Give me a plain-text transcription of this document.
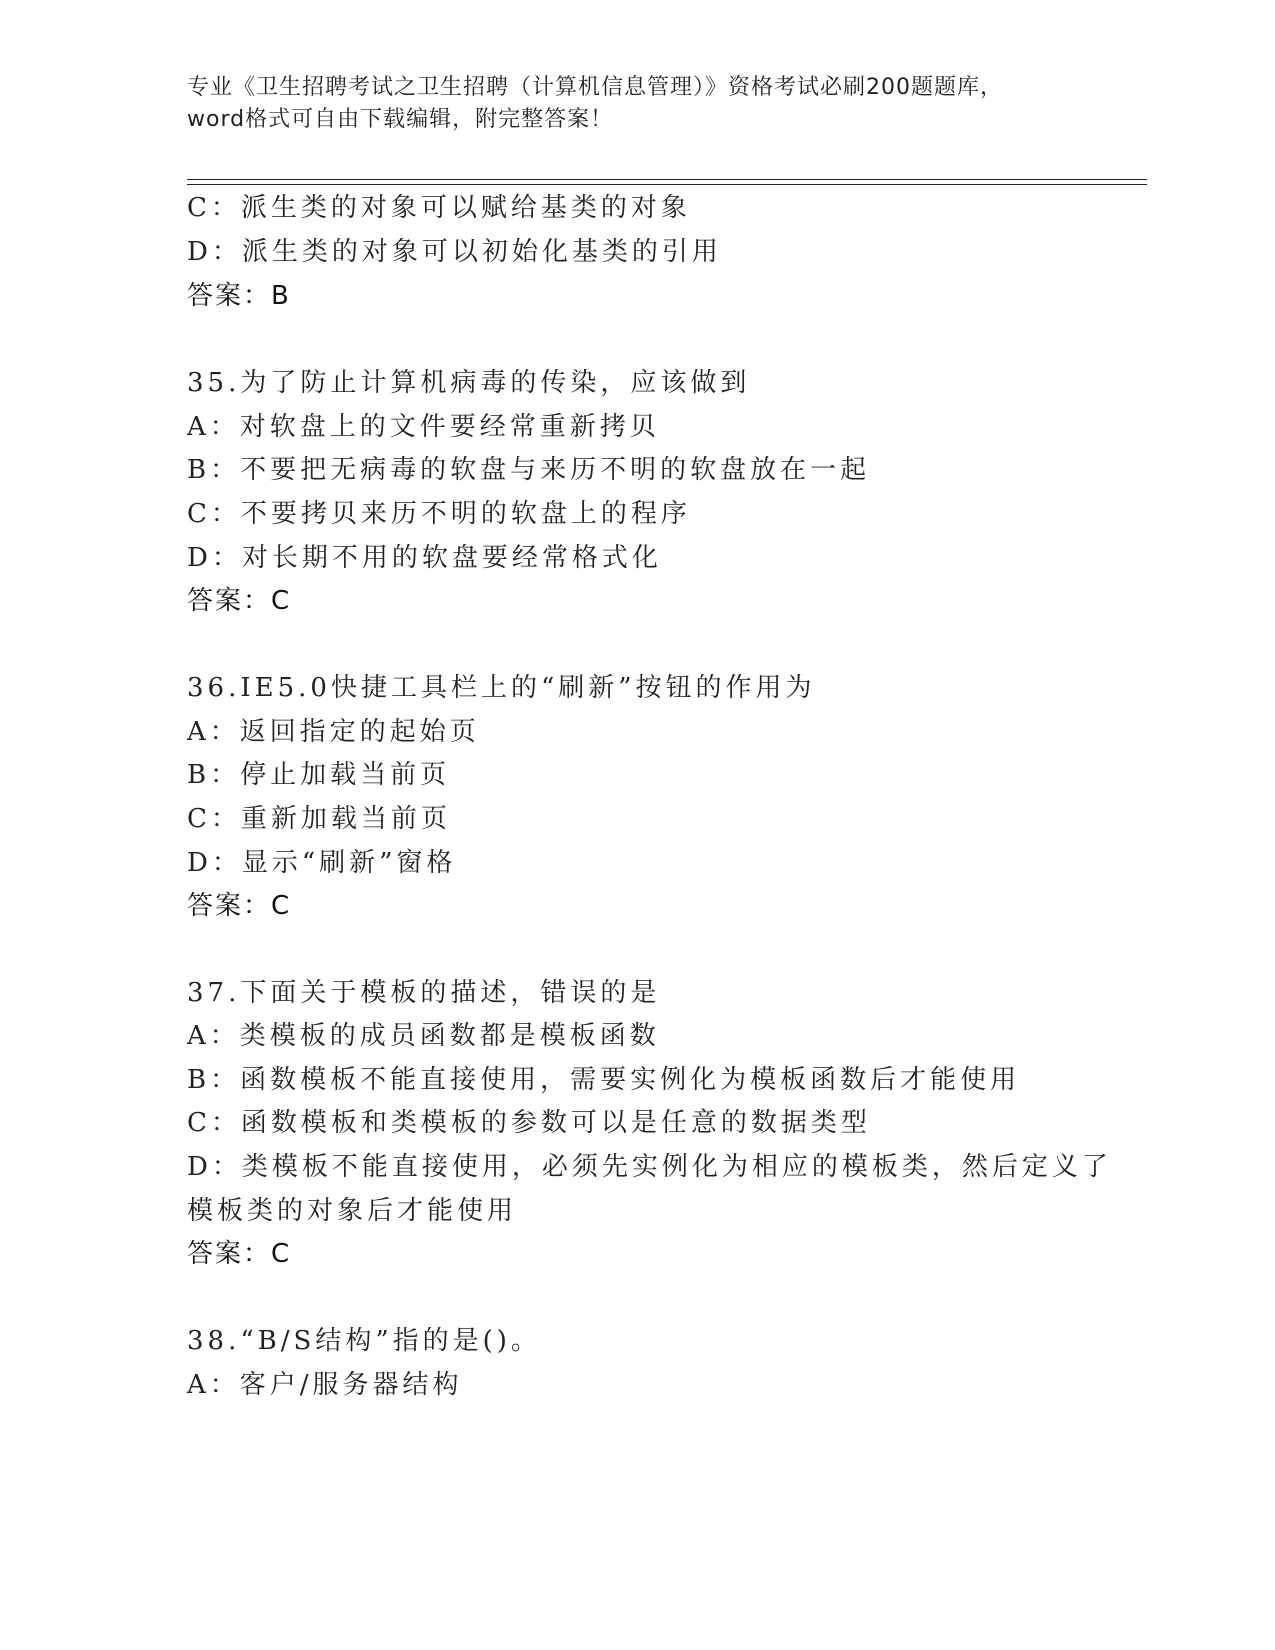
专业《卫生招聘考试之卫生招聘（计算机信息管理）》资格考试必刷200题题库，
word格式可自由下载编辑，附完整答案！
C：派生类的对象可以赋给基类的对象
D：派生类的对象可以初始化基类的引用
答案：B
35.为了防止计算机病毒的传染，应该做到
A：对软盘上的文件要经常重新拷贝
B：不要把无病毒的软盘与来历不明的软盘放在一起
C：不要拷贝来历不明的软盘上的程序
D：对长期不用的软盘要经常格式化
答案：C
36.IE5.0快捷工具栏上的“刷新”按钮的作用为
A：返回指定的起始页
B：停止加载当前页
C：重新加载当前页
D：显示“刷新”窗格
答案：C
37.下面关于模板的描述，错误的是
A：类模板的成员函数都是模板函数
B：函数模板不能直接使用，需要实例化为模板函数后才能使用
C：函数模板和类模板的参数可以是任意的数据类型
D：类模板不能直接使用，必须先实例化为相应的模板类，然后定义了
模板类的对象后才能使用
答案：C
38.“B/S结构”指的是()。
A：客户/服务器结构
